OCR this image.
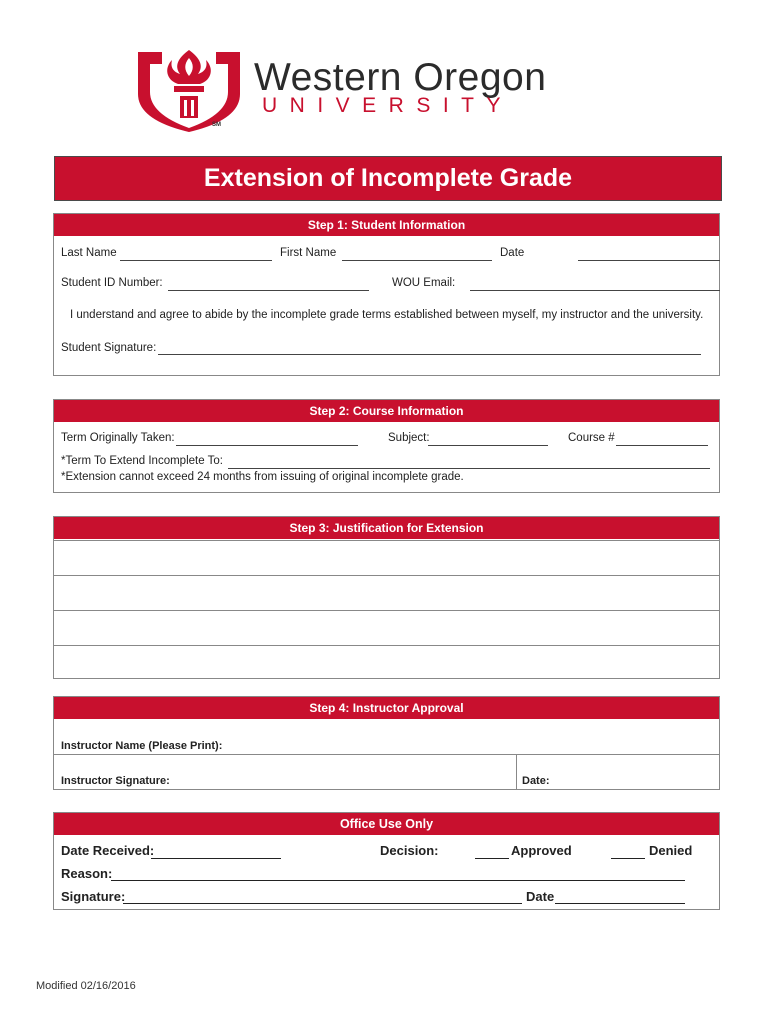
Western Oregon
UNIVERSITY
SM
Extension of Incomplete Grade
Step 1: Student Information
Last Name	First Name	Date
Student ID Number:	WOU Email:
I understand and agree to abide by the incomplete grade terms established between myself, my instructor and the university.
Student Signature:
Step 2: Course Information
Term Originally Taken:	Subject:	Course #
*Term To Extend Incomplete To:
*Extension cannot exceed 24 months from issuing of original incomplete grade.
Step 3: Justification for Extension
Step 4: Instructor Approval
Instructor Name (Please Print):
Instructor Signature:	Date:
Office Use Only
Date Received:	Decision:	Approved	Denied
Reason:
Signature:	Date
Modified 02/16/2016
